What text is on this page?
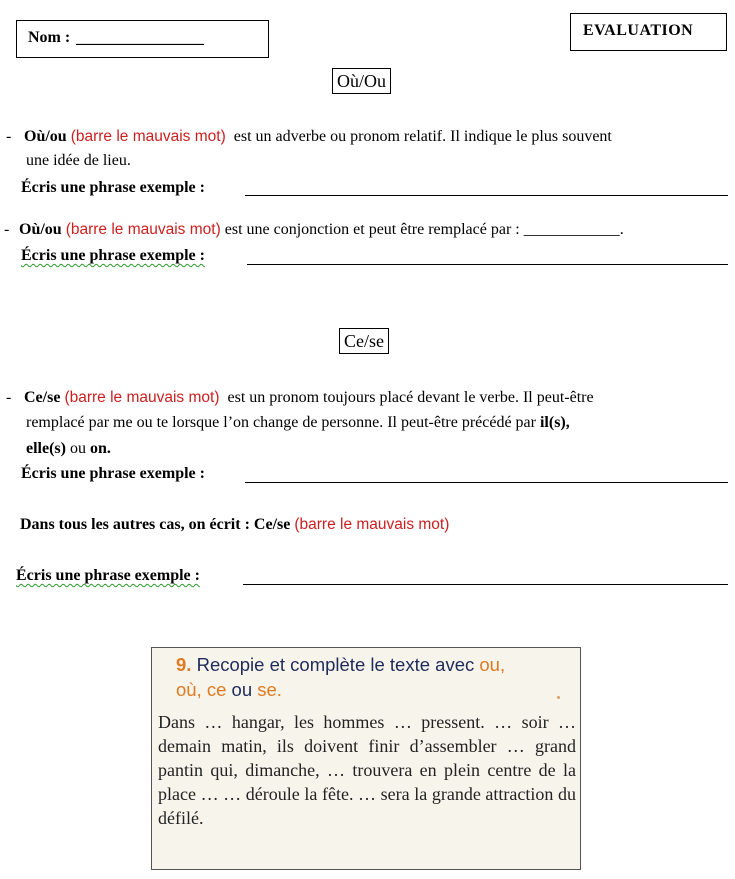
Nom : ________________	EVALUATION
Où/Ou
- Où/ou (barre le mauvais mot) est un adverbe ou pronom relatif. Il indique le plus souvent
une idée de lieu.
Écris une phrase exemple :
- Où/ou (barre le mauvais mot) est une conjonction et peut être remplacé par : ____________.
Écris une phrase exemple :
Ce/se
- Ce/se (barre le mauvais mot) est un pronom toujours placé devant le verbe. Il peut-être
remplacé par me ou te lorsque l’on change de personne. Il peut-être précédé par il(s),
elle(s) ou on.
Écris une phrase exemple :
Dans tous les autres cas, on écrit : Ce/se (barre le mauvais mot)
Écris une phrase exemple :
9. Recopie et complète le texte avec ou,
où, ce ou se.
Dans … hangar, les hommes … pressent. … soir … demain matin, ils doivent finir d’assembler … grand pantin qui, dimanche, … trouvera en plein centre de la place … … déroule la fête. … sera la grande attraction du défilé.
